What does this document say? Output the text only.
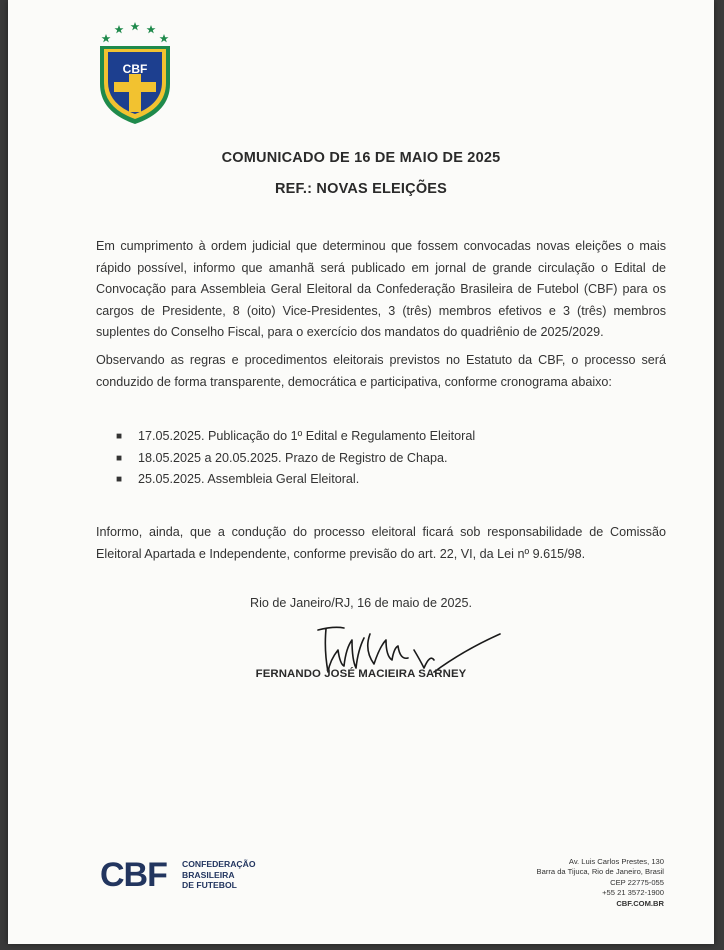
CBF
COMUNICADO DE 16 DE MAIO DE 2025
REF.: NOVAS ELEIÇÕES
Em cumprimento à ordem judicial que determinou que fossem convocadas novas eleições o mais rápido possível, informo que amanhã será publicado em jornal de grande circulação o Edital de Convocação para Assembleia Geral Eleitoral da Confederação Brasileira de Futebol (CBF) para os cargos de Presidente, 8 (oito) Vice-Presidentes, 3 (três) membros efetivos e 3 (três) membros suplentes do Conselho Fiscal, para o exercício dos mandatos do quadriênio de 2025/2029.
Observando as regras e procedimentos eleitorais previstos no Estatuto da CBF, o processo será conduzido de forma transparente, democrática e participativa, conforme cronograma abaixo:
■	17.05.2025. Publicação do 1º Edital e Regulamento Eleitoral
■	18.05.2025 a 20.05.2025. Prazo de Registro de Chapa.
■	25.05.2025. Assembleia Geral Eleitoral.
Informo, ainda, que a condução do processo eleitoral ficará sob responsabilidade de Comissão Eleitoral Apartada e Independente, conforme previsão do art. 22, VI, da Lei nº 9.615/98.
Rio de Janeiro/RJ, 16 de maio de 2025.
FERNANDO JOSÉ MACIEIRA SARNEY
CBF CONFEDERAÇÃO
BRASILEIRA
DE FUTEBOL
Av. Luis Carlos Prestes, 130
Barra da Tijuca, Rio de Janeiro, Brasil
CEP 22775-055
+55 21 3572-1900
CBF.COM.BR
